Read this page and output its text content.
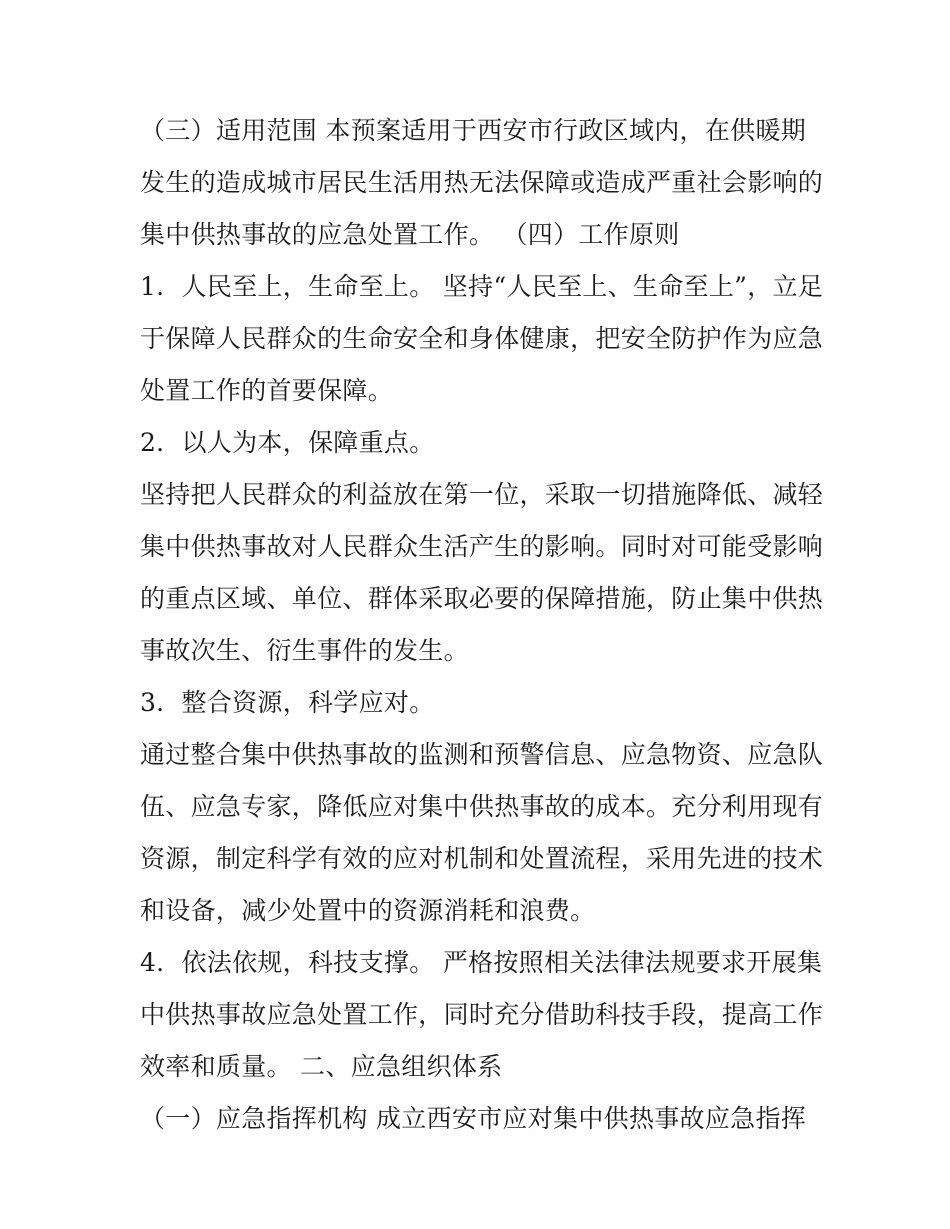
（三）适用范围 本预案适用于西安市行政区域内，在供暖期
发生的造成城市居民生活用热无法保障或造成严重社会影响的
集中供热事故的应急处置工作。 （四）工作原则
1．人民至上，生命至上。 坚持“人民至上、生命至上”，立足
于保障人民群众的生命安全和身体健康，把安全防护作为应急
处置工作的首要保障。
2．以人为本，保障重点。
坚持把人民群众的利益放在第一位，采取一切措施降低、减轻
集中供热事故对人民群众生活产生的影响。同时对可能受影响
的重点区域、单位、群体采取必要的保障措施，防止集中供热
事故次生、衍生事件的发生。
3．整合资源，科学应对。
通过整合集中供热事故的监测和预警信息、应急物资、应急队
伍、应急专家，降低应对集中供热事故的成本。充分利用现有
资源，制定科学有效的应对机制和处置流程，采用先进的技术
和设备，减少处置中的资源消耗和浪费。
4．依法依规，科技支撑。 严格按照相关法律法规要求开展集
中供热事故应急处置工作，同时充分借助科技手段，提高工作
效率和质量。 二、应急组织体系
（一）应急指挥机构 成立西安市应对集中供热事故应急指挥
